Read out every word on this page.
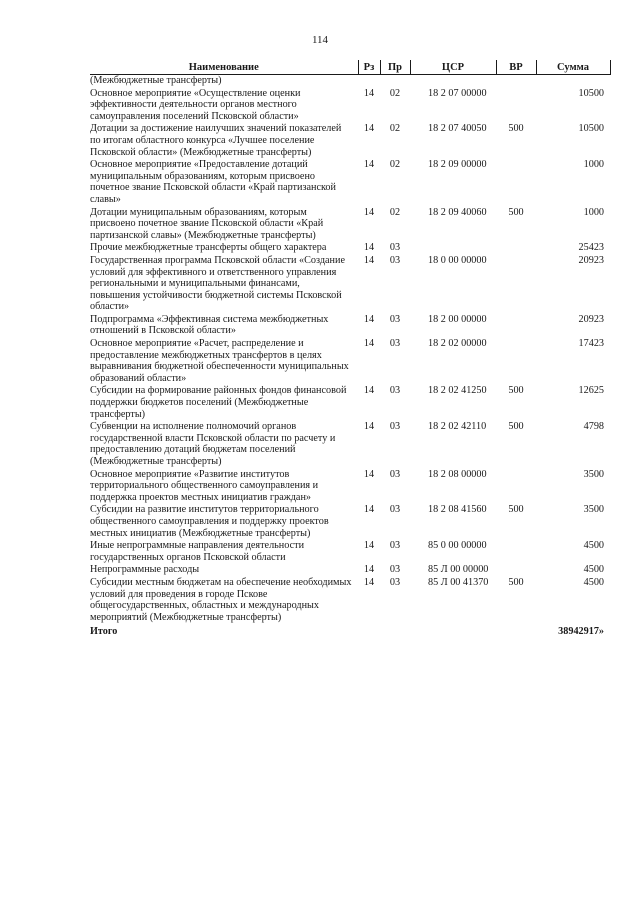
114
Наименование	Рз	Пр	ЦСР	ВР	Сумма
(Межбюджетные трансферты)					
Основное мероприятие «Осуществление оценки эффективности деятельности органов местного самоуправления поселений Псковской области»	14	02	18 2 07 00000		10500
Дотации за достижение наилучших значений показателей по итогам областного конкурса «Лучшее поселение Псковской области» (Межбюджетные трансферты)	14	02	18 2 07 40050	500	10500
Основное мероприятие «Предоставление дотаций муниципальным образованиям, которым присвоено почетное звание Псковской области «Край партизанской славы»	14	02	18 2 09 00000		1000
Дотации муниципальным образованиям, которым присвоено почетное звание Псковской области «Край партизанской славы» (Межбюджетные трансферты)	14	02	18 2 09 40060	500	1000
Прочие межбюджетные трансферты общего характера	14	03			25423
Государственная программа Псковской области «Создание условий для эффективного и ответственного управления региональными и муниципальными финансами, повышения устойчивости бюджетной системы Псковской области»	14	03	18 0 00 00000		20923
Подпрограмма «Эффективная система межбюджетных отношений в Псковской области»	14	03	18 2 00 00000		20923
Основное мероприятие «Расчет, распределение и предоставление межбюджетных трансфертов в целях выравнивания бюджетной обеспеченности муниципальных образований области»	14	03	18 2 02 00000		17423
Субсидии на формирование районных фондов финансовой поддержки бюджетов поселений (Межбюджетные трансферты)	14	03	18 2 02 41250	500	12625
Субвенции на исполнение полномочий органов государственной власти Псковской области по расчету и предоставлению дотаций бюджетам поселений (Межбюджетные трансферты)	14	03	18 2 02 42110	500	4798
Основное мероприятие «Развитие институтов территориального общественного самоуправления и поддержка проектов местных инициатив граждан»	14	03	18 2 08 00000		3500
Субсидии на развитие институтов территориального общественного самоуправления и поддержку проектов местных инициатив (Межбюджетные трансферты)	14	03	18 2 08 41560	500	3500
Иные непрограммные направления деятельности государственных органов Псковской области	14	03	85 0 00 00000		4500
Непрограммные расходы	14	03	85 Л 00 00000		4500
Субсидии местным бюджетам на обеспечение необходимых условий для проведения в городе Пскове общегосударственных, областных и международных мероприятий (Межбюджетные трансферты)	14	03	85 Л 00 41370	500	4500
Итого					38942917»
